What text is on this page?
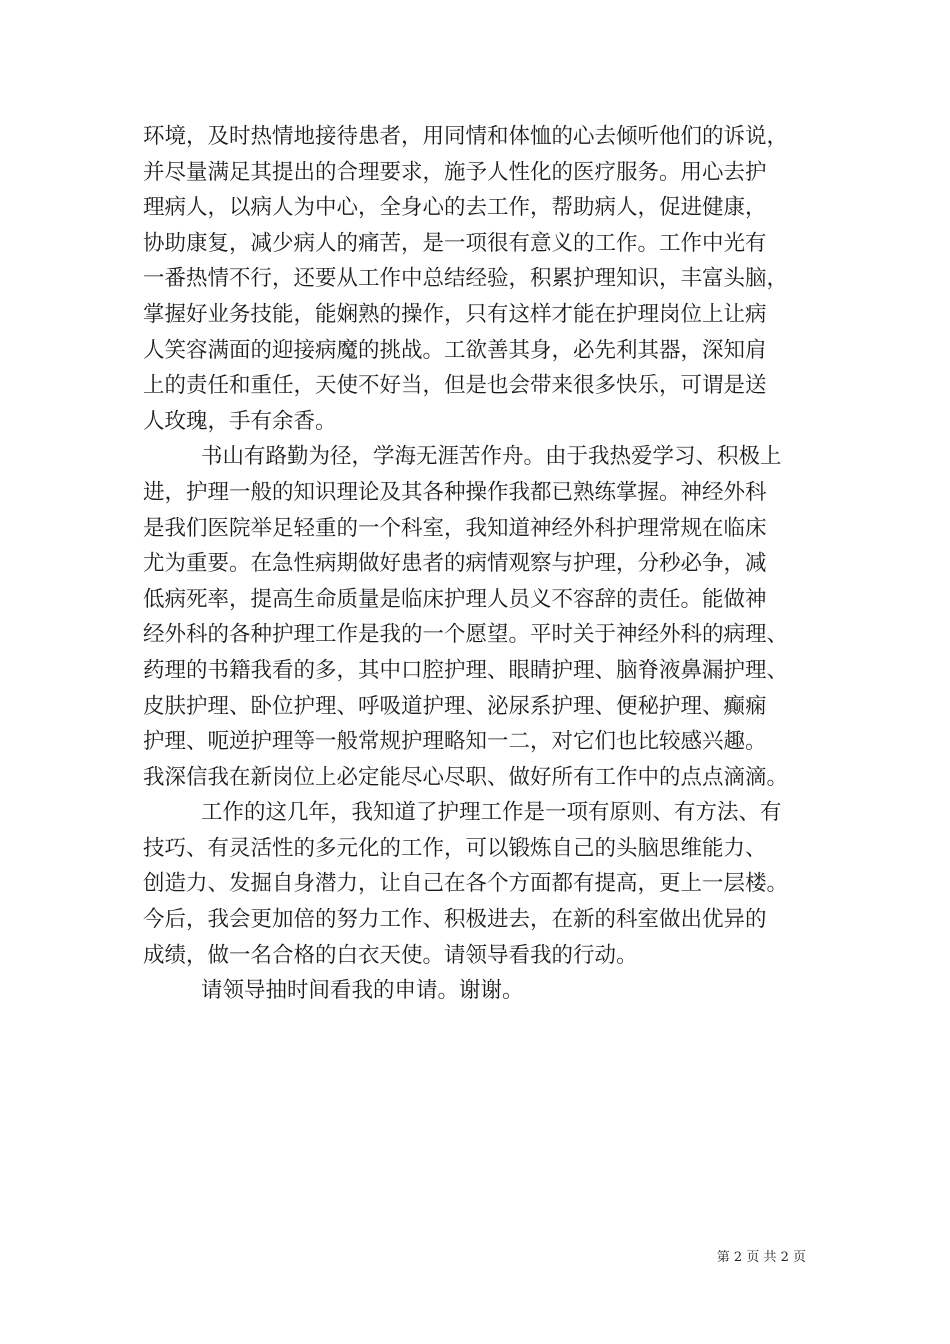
环境，及时热情地接待患者，用同情和体恤的心去倾听他们的诉说，
并尽量满足其提出的合理要求，施予人性化的医疗服务。用心去护
理病人，以病人为中心，全身心的去工作，帮助病人，促进健康，
协助康复，减少病人的痛苦，是一项很有意义的工作。工作中光有
一番热情不行，还要从工作中总结经验，积累护理知识，丰富头脑，
掌握好业务技能，能娴熟的操作，只有这样才能在护理岗位上让病
人笑容满面的迎接病魔的挑战。工欲善其身，必先利其器，深知肩
上的责任和重任，天使不好当，但是也会带来很多快乐，可谓是送
人玫瑰，手有余香。
书山有路勤为径，学海无涯苦作舟。由于我热爱学习、积极上
进，护理一般的知识理论及其各种操作我都已熟练掌握。神经外科
是我们医院举足轻重的一个科室，我知道神经外科护理常规在临床
尤为重要。在急性病期做好患者的病情观察与护理，分秒必争，减
低病死率，提高生命质量是临床护理人员义不容辞的责任。能做神
经外科的各种护理工作是我的一个愿望。平时关于神经外科的病理、
药理的书籍我看的多，其中口腔护理、眼睛护理、脑脊液鼻漏护理、
皮肤护理、卧位护理、呼吸道护理、泌尿系护理、便秘护理、癫痫
护理、呃逆护理等一般常规护理略知一二，对它们也比较感兴趣。
我深信我在新岗位上必定能尽心尽职、做好所有工作中的点点滴滴。
工作的这几年，我知道了护理工作是一项有原则、有方法、有
技巧、有灵活性的多元化的工作，可以锻炼自己的头脑思维能力、
创造力、发掘自身潜力，让自己在各个方面都有提高，更上一层楼。
今后，我会更加倍的努力工作、积极进去，在新的科室做出优异的
成绩，做一名合格的白衣天使。请领导看我的行动。
请领导抽时间看我的申请。谢谢。
第 2 页 共 2 页
